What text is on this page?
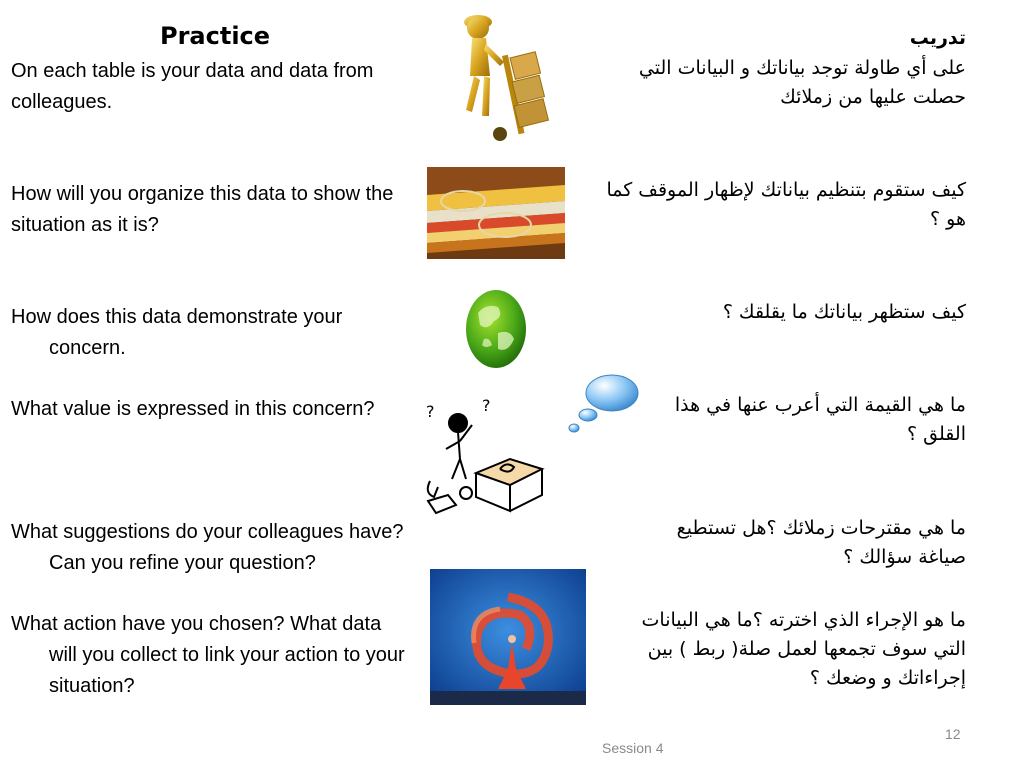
Practice
On each table is your data and data from colleagues.
How will you organize this data to show the situation as it is?
How does this data demonstrate your concern.
What value is expressed in this concern?
What suggestions do your colleagues have? Can you refine your question?
What action have you chosen? What data will you collect to link your action to your situation?
تدريب
على أي طاولة توجد بياناتك و البيانات التي حصلت عليها من زملائك
كيف ستقوم بتنظيم بياناتك لإظهار الموقف كما هو ؟
كيف ستظهر بياناتك ما يقلقك ؟
ما هي القيمة التي أعرب عنها في هذا القلق ؟
ما هي مقترحات زملائك ؟هل تستطيع صياغة سؤالك ؟
ما هو الإجراء الذي اخترته ؟ما هي البيانات التي سوف تجمعها لعمل صلة( ربط ) بين إجراءاتك و وضعك ؟
?	?
12
Session 4
